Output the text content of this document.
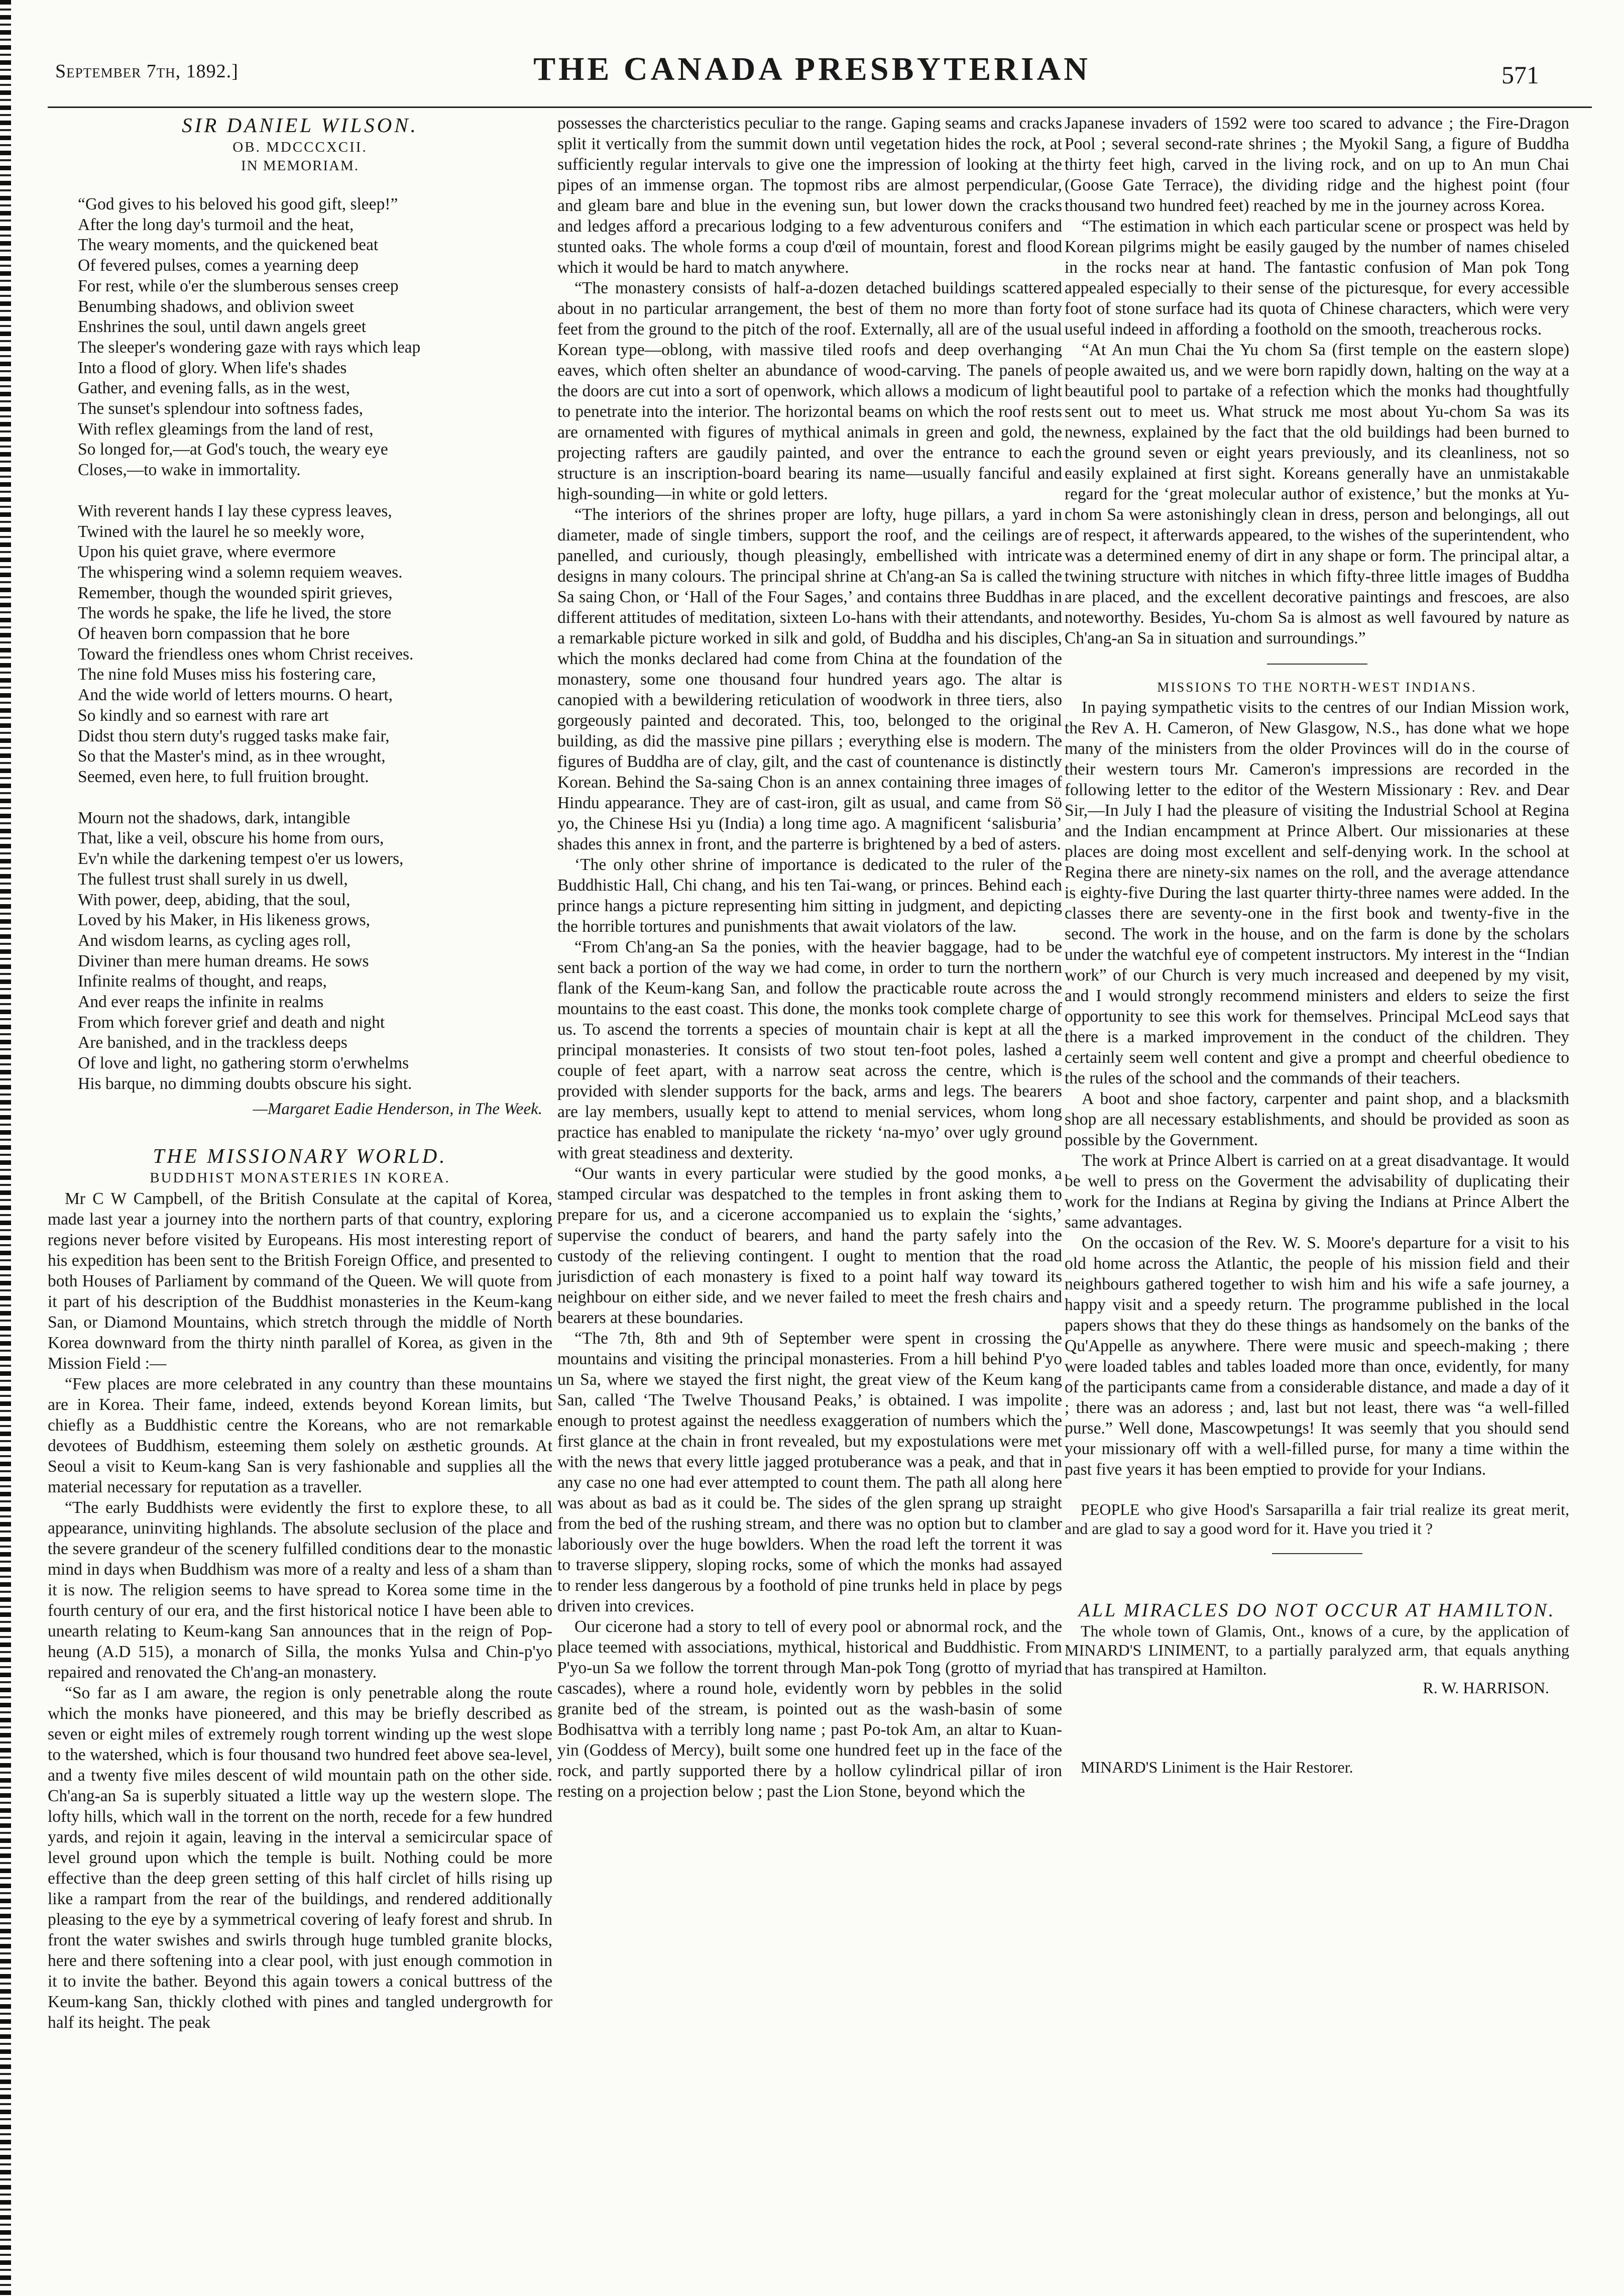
September 7th, 1892.]	THE CANADA PRESBYTERIAN	571
SIR DANIEL WILSON.
OB. MDCCCXCII.
IN MEMORIAM.
“God gives to his beloved his good gift, sleep!”
After the long day's turmoil and the heat,
The weary moments, and the quickened beat
Of fevered pulses, comes a yearning deep
For rest, while o'er the slumberous senses creep
Benumbing shadows, and oblivion sweet
Enshrines the soul, until dawn angels greet
The sleeper's wondering gaze with rays which leap
Into a flood of glory. When life's shades
Gather, and evening falls, as in the west,
The sunset's splendour into softness fades,
With reflex gleamings from the land of rest,
So longed for,—at God's touch, the weary eye
Closes,—to wake in immortality.
With reverent hands I lay these cypress leaves,
Twined with the laurel he so meekly wore,
Upon his quiet grave, where evermore
The whispering wind a solemn requiem weaves.
Remember, though the wounded spirit grieves,
The words he spake, the life he lived, the store
Of heaven born compassion that he bore
Toward the friendless ones whom Christ receives.
The nine fold Muses miss his fostering care,
And the wide world of letters mourns. O heart,
So kindly and so earnest with rare art
Didst thou stern duty's rugged tasks make fair,
So that the Master's mind, as in thee wrought,
Seemed, even here, to full fruition brought.
Mourn not the shadows, dark, intangible
That, like a veil, obscure his home from ours,
Ev'n while the darkening tempest o'er us lowers,
The fullest trust shall surely in us dwell,
With power, deep, abiding, that the soul,
Loved by his Maker, in His likeness grows,
And wisdom learns, as cycling ages roll,
Diviner than mere human dreams. He sows
Infinite realms of thought, and reaps,
And ever reaps the infinite in realms
From which forever grief and death and night
Are banished, and in the trackless deeps
Of love and light, no gathering storm o'erwhelms
His barque, no dimming doubts obscure his sight.
—Margaret Eadie Henderson, in The Week.
THE MISSIONARY WORLD.
BUDDHIST MONASTERIES IN KOREA.

Mr C W Campbell, of the British Consulate at the capital of Korea, made last year a journey into the northern parts of that country, exploring regions never before visited by Europeans. His most interesting report of his expedition has been sent to the British Foreign Office, and presented to both Houses of Parliament by command of the Queen. We will quote from it part of his description of the Buddhist monasteries in the Keum-kang San, or Diamond Mountains, which stretch through the middle of North Korea downward from the thirty ninth parallel of Korea, as given in the Mission Field :—

“Few places are more celebrated in any country than these mountains are in Korea. Their fame, indeed, extends beyond Korean limits, but chiefly as a Buddhistic centre the Koreans, who are not remarkable devotees of Buddhism, esteeming them solely on æsthetic grounds. At Seoul a visit to Keum-kang San is very fashionable and supplies all the material necessary for reputation as a traveller.

“The early Buddhists were evidently the first to explore these, to all appearance, uninviting highlands. The absolute seclusion of the place and the severe grandeur of the scenery fulfilled conditions dear to the monastic mind in days when Buddhism was more of a realty and less of a sham than it is now. The religion seems to have spread to Korea some time in the fourth century of our era, and the first historical notice I have been able to unearth relating to Keum-kang San announces that in the reign of Pop-heung (A.D 515), a monarch of Silla, the monks Yulsa and Chin-p'yo repaired and renovated the Ch'ang-an monastery.

“So far as I am aware, the region is only penetrable along the route which the monks have pioneered, and this may be briefly described as seven or eight miles of extremely rough torrent winding up the west slope to the watershed, which is four thousand two hundred feet above sea-level, and a twenty five miles descent of wild mountain path on the other side. Ch'ang-an Sa is superbly situated a little way up the western slope. The lofty hills, which wall in the torrent on the north, recede for a few hundred yards, and rejoin it again, leaving in the interval a semicircular space of level ground upon which the temple is built. Nothing could be more effective than the deep green setting of this half circlet of hills rising up like a rampart from the rear of the buildings, and rendered additionally pleasing to the eye by a symmetrical covering of leafy forest and shrub. In front the water swishes and swirls through huge tumbled granite blocks, here and there softening into a clear pool, with just enough commotion in it to invite the bather. Beyond this again towers a conical buttress of the Keum-kang San, thickly clothed with pines and tangled undergrowth for half its height. The peak

possesses the charcteristics peculiar to the range. Gaping seams and cracks split it vertically from the summit down until vegetation hides the rock, at sufficiently regular intervals to give one the impression of looking at the pipes of an immense organ. The topmost ribs are almost perpendicular, and gleam bare and blue in the evening sun, but lower down the cracks and ledges afford a precarious lodging to a few adventurous conifers and stunted oaks. The whole forms a coup d'œil of mountain, forest and flood which it would be hard to match anywhere.

“The monastery consists of half-a-dozen detached buildings scattered about in no particular arrangement, the best of them no more than forty feet from the ground to the pitch of the roof. Externally, all are of the usual Korean type—oblong, with massive tiled roofs and deep overhanging eaves, which often shelter an abundance of wood-carving. The panels of the doors are cut into a sort of openwork, which allows a modicum of light to penetrate into the interior. The horizontal beams on which the roof rests are ornamented with figures of mythical animals in green and gold, the projecting rafters are gaudily painted, and over the entrance to each structure is an inscription-board bearing its name—usually fanciful and high-sounding—in white or gold letters.

“The interiors of the shrines proper are lofty, huge pillars, a yard in diameter, made of single timbers, support the roof, and the ceilings are panelled, and curiously, though pleasingly, embellished with intricate designs in many colours. The principal shrine at Ch'ang-an Sa is called the Sa saing Chon, or ‘Hall of the Four Sages,’ and contains three Buddhas in different attitudes of meditation, sixteen Lo-hans with their attendants, and a remarkable picture worked in silk and gold, of Buddha and his disciples, which the monks declared had come from China at the foundation of the monastery, some one thousand four hundred years ago. The altar is canopied with a bewildering reticulation of woodwork in three tiers, also gorgeously painted and decorated. This, too, belonged to the original building, as did the massive pine pillars ; everything else is modern. The figures of Buddha are of clay, gilt, and the cast of countenance is distinctly Korean. Behind the Sa-saing Chon is an annex containing three images of Hindu appearance. They are of cast-iron, gilt as usual, and came from Sö yo, the Chinese Hsi yu (India) a long time ago. A magnificent ‘salisburia’ shades this annex in front, and the parterre is brightened by a bed of asters.

‘The only other shrine of importance is dedicated to the ruler of the Buddhistic Hall, Chi chang, and his ten Tai-wang, or princes. Behind each prince hangs a picture representing him sitting in judgment, and depicting the horrible tortures and punishments that await violators of the law.

“From Ch'ang-an Sa the ponies, with the heavier baggage, had to be sent back a portion of the way we had come, in order to turn the northern flank of the Keum-kang San, and follow the practicable route across the mountains to the east coast. This done, the monks took complete charge of us. To ascend the torrents a species of mountain chair is kept at all the principal monasteries. It consists of two stout ten-foot poles, lashed a couple of feet apart, with a narrow seat across the centre, which is provided with slender supports for the back, arms and legs. The bearers are lay members, usually kept to attend to menial services, whom long practice has enabled to manipulate the rickety ‘na-myo’ over ugly ground with great steadiness and dexterity.

“Our wants in every particular were studied by the good monks, a stamped circular was despatched to the temples in front asking them to prepare for us, and a cicerone accompanied us to explain the ‘sights,’ supervise the conduct of bearers, and hand the party safely into the custody of the relieving contingent. I ought to mention that the road jurisdiction of each monastery is fixed to a point half way toward its neighbour on either side, and we never failed to meet the fresh chairs and bearers at these boundaries.

“The 7th, 8th and 9th of September were spent in crossing the mountains and visiting the principal monasteries. From a hill behind P'yo un Sa, where we stayed the first night, the great view of the Keum kang San, called ‘The Twelve Thousand Peaks,’ is obtained. I was impolite enough to protest against the needless exaggeration of numbers which the first glance at the chain in front revealed, but my expostulations were met with the news that every little jagged protuberance was a peak, and that in any case no one had ever attempted to count them. The path all along here was about as bad as it could be. The sides of the glen sprang up straight from the bed of the rushing stream, and there was no option but to clamber laboriously over the huge bowlders. When the road left the torrent it was to traverse slippery, sloping rocks, some of which the monks had assayed to render less dangerous by a foothold of pine trunks held in place by pegs driven into crevices.

Our cicerone had a story to tell of every pool or abnormal rock, and the place teemed with associations, mythical, historical and Buddhistic. From P'yo-un Sa we follow the torrent through Man-pok Tong (grotto of myriad cascades), where a round hole, evidently worn by pebbles in the solid granite bed of the stream, is pointed out as the wash-basin of some Bodhisattva with a terribly long name ; past Po-tok Am, an altar to Kuan-yin (Goddess of Mercy), built some one hundred feet up in the face of the rock, and partly supported there by a hollow cylindrical pillar of iron resting on a projection below ; past the Lion Stone, beyond which the

Japanese invaders of 1592 were too scared to advance ; the Fire-Dragon Pool ; several second-rate shrines ; the Myokil Sang, a figure of Buddha thirty feet high, carved in the living rock, and on up to An mun Chai (Goose Gate Terrace), the dividing ridge and the highest point (four thousand two hundred feet) reached by me in the journey across Korea.

“The estimation in which each particular scene or prospect was held by Korean pilgrims might be easily gauged by the number of names chiseled in the rocks near at hand. The fantastic confusion of Man pok Tong appealed especially to their sense of the picturesque, for every accessible foot of stone surface had its quota of Chinese characters, which were very useful indeed in affording a foothold on the smooth, treacherous rocks.

“At An mun Chai the Yu chom Sa (first temple on the eastern slope) people awaited us, and we were born rapidly down, halting on the way at a beautiful pool to partake of a refection which the monks had thoughtfully sent out to meet us. What struck me most about Yu-chom Sa was its newness, explained by the fact that the old buildings had been burned to the ground seven or eight years previously, and its cleanliness, not so easily explained at first sight. Koreans generally have an unmistakable regard for the ‘great molecular author of existence,’ but the monks at Yu-chom Sa were astonishingly clean in dress, person and belongings, all out of respect, it afterwards appeared, to the wishes of the superintendent, who was a determined enemy of dirt in any shape or form. The principal altar, a twining structure with nitches in which fifty-three little images of Buddha are placed, and the excellent decorative paintings and frescoes, are also noteworthy. Besides, Yu-chom Sa is almost as well favoured by nature as Ch'ang-an Sa in situation and surroundings.”

MISSIONS TO THE NORTH-WEST INDIANS.

In paying sympathetic visits to the centres of our Indian Mission work, the Rev A. H. Cameron, of New Glasgow, N.S., has done what we hope many of the ministers from the older Provinces will do in the course of their western tours Mr. Cameron's impressions are recorded in the following letter to the editor of the Western Missionary : Rev. and Dear Sir,—In July I had the pleasure of visiting the Industrial School at Regina and the Indian encampment at Prince Albert. Our missionaries at these places are doing most excellent and self-denying work. In the school at Regina there are ninety-six names on the roll, and the average attendance is eighty-five During the last quarter thirty-three names were added. In the classes there are seventy-one in the first book and twenty-five in the second. The work in the house, and on the farm is done by the scholars under the watchful eye of competent instructors. My interest in the “Indian work” of our Church is very much increased and deepened by my visit, and I would strongly recommend ministers and elders to seize the first opportunity to see this work for themselves. Principal McLeod says that there is a marked improvement in the conduct of the children. They certainly seem well content and give a prompt and cheerful obedience to the rules of the school and the commands of their teachers.

A boot and shoe factory, carpenter and paint shop, and a blacksmith shop are all necessary establishments, and should be provided as soon as possible by the Government.

The work at Prince Albert is carried on at a great disadvantage. It would be well to press on the Goverment the advisability of duplicating their work for the Indians at Regina by giving the Indians at Prince Albert the same advantages.

On the occasion of the Rev. W. S. Moore's departure for a visit to his old home across the Atlantic, the people of his mission field and their neighbours gathered together to wish him and his wife a safe journey, a happy visit and a speedy return. The programme published in the local papers shows that they do these things as handsomely on the banks of the Qu'Appelle as anywhere. There were music and speech-making ; there were loaded tables and tables loaded more than once, evidently, for many of the participants came from a considerable distance, and made a day of it ; there was an adoress ; and, last but not least, there was “a well-filled purse.” Well done, Mascowpetungs! It was seemly that you should send your missionary off with a well-filled purse, for many a time within the past five years it has been emptied to provide for your Indians.

PEOPLE who give Hood's Sarsaparilla a fair trial realize its great merit, and are glad to say a good word for it. Have you tried it ?

ALL MIRACLES DO NOT OCCUR AT HAMILTON.

The whole town of Glamis, Ont., knows of a cure, by the application of MINARD'S LINIMENT, to a partially paralyzed arm, that equals anything that has transpired at Hamilton.

R. W. HARRISON.

MINARD'S Liniment is the Hair Restorer.
